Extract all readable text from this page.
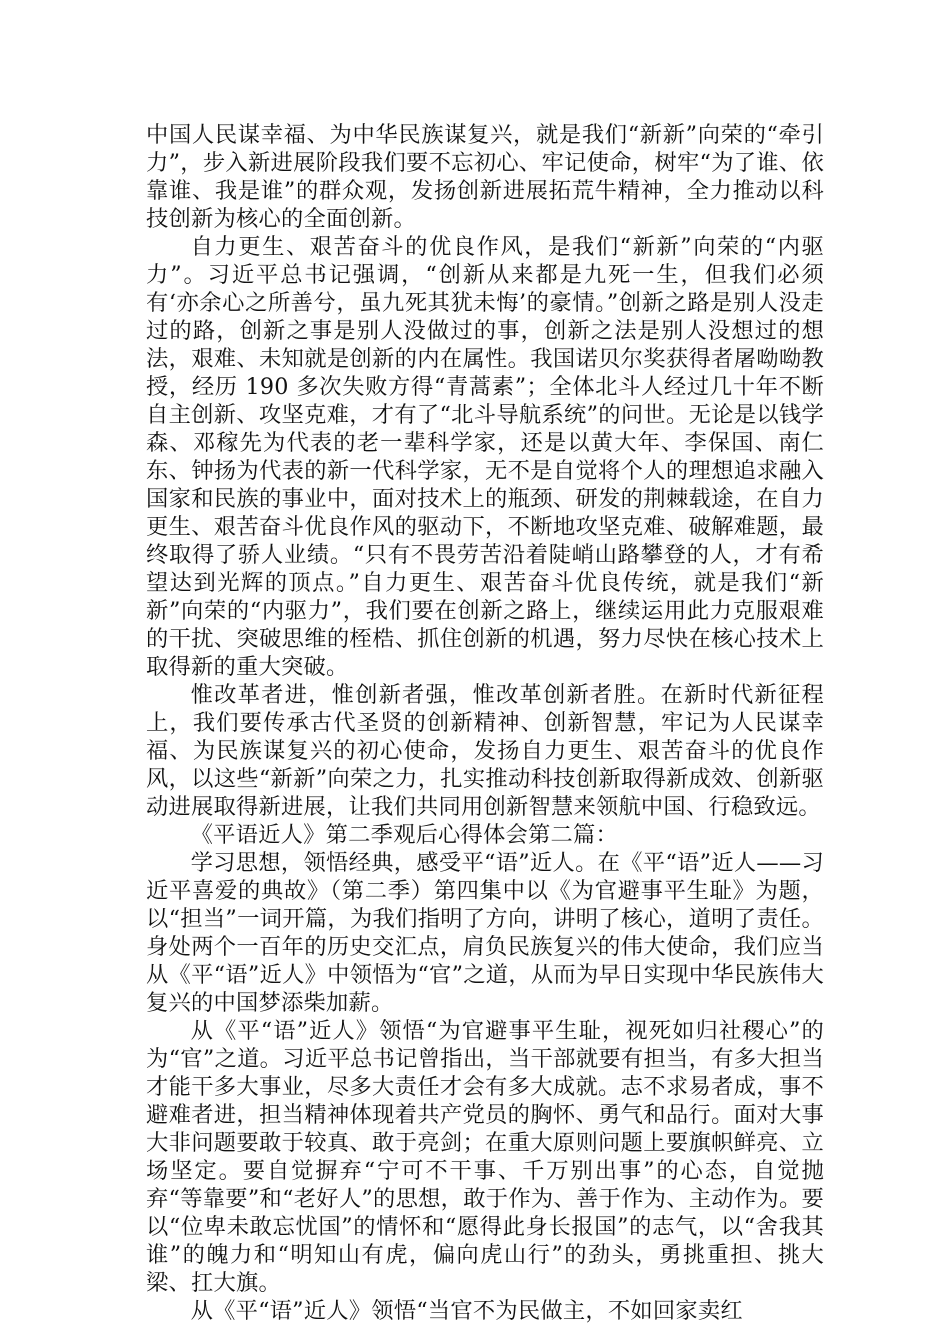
中国人民谋幸福、为中华民族谋复兴，就是我们“新新”向荣的“牵引力”，步入新进展阶段我们要不忘初心、牢记使命，树牢“为了谁、依靠谁、我是谁”的群众观，发扬创新进展拓荒牛精神，全力推动以科技创新为核心的全面创新。

自力更生、艰苦奋斗的优良作风，是我们“新新”向荣的“内驱力”。习近平总书记强调，“创新从来都是九死一生，但我们必须有‘亦余心之所善兮，虽九死其犹未悔’的豪情。”创新之路是别人没走过的路，创新之事是别人没做过的事，创新之法是别人没想过的想法，艰难、未知就是创新的内在属性。我国诺贝尔奖获得者屠呦呦教授，经历 190 多次失败方得“青蒿素”；全体北斗人经过几十年不断自主创新、攻坚克难，才有了“北斗导航系统”的问世。无论是以钱学森、邓稼先为代表的老一辈科学家，还是以黄大年、李保国、南仁东、钟扬为代表的新一代科学家，无不是自觉将个人的理想追求融入国家和民族的事业中，面对技术上的瓶颈、研发的荆棘载途，在自力更生、艰苦奋斗优良作风的驱动下，不断地攻坚克难、破解难题，最终取得了骄人业绩。“只有不畏劳苦沿着陡峭山路攀登的人，才有希望达到光辉的顶点。”自力更生、艰苦奋斗优良传统，就是我们“新新”向荣的“内驱力”，我们要在创新之路上，继续运用此力克服艰难的干扰、突破思维的桎梏、抓住创新的机遇，努力尽快在核心技术上取得新的重大突破。

惟改革者进，惟创新者强，惟改革创新者胜。在新时代新征程上，我们要传承古代圣贤的创新精神、创新智慧，牢记为人民谋幸福、为民族谋复兴的初心使命，发扬自力更生、艰苦奋斗的优良作风，以这些“新新”向荣之力，扎实推动科技创新取得新成效、创新驱动进展取得新进展，让我们共同用创新智慧来领航中国、行稳致远。

《平语近人》第二季观后心得体会第二篇：

学习思想，领悟经典，感受平“语”近人。在《平“语”近人——习近平喜爱的典故》（第二季）第四集中以《为官避事平生耻》为题，以“担当”一词开篇，为我们指明了方向，讲明了核心，道明了责任。身处两个一百年的历史交汇点，肩负民族复兴的伟大使命，我们应当从《平“语”近人》中领悟为“官”之道，从而为早日实现中华民族伟大复兴的中国梦添柴加薪。

从《平“语”近人》领悟“为官避事平生耻，视死如归社稷心”的为“官”之道。习近平总书记曾指出，当干部就要有担当，有多大担当才能干多大事业，尽多大责任才会有多大成就。志不求易者成，事不避难者进，担当精神体现着共产党员的胸怀、勇气和品行。面对大事大非问题要敢于较真、敢于亮剑；在重大原则问题上要旗帜鲜亮、立场坚定。要自觉摒弃“宁可不干事、千万别出事”的心态，自觉抛弃“等靠要”和“老好人”的思想，敢于作为、善于作为、主动作为。要以“位卑未敢忘忧国”的情怀和“愿得此身长报国”的志气，以“舍我其谁”的魄力和“明知山有虎，偏向虎山行”的劲头，勇挑重担、挑大梁、扛大旗。

从《平“语”近人》领悟“当官不为民做主，不如回家卖红
